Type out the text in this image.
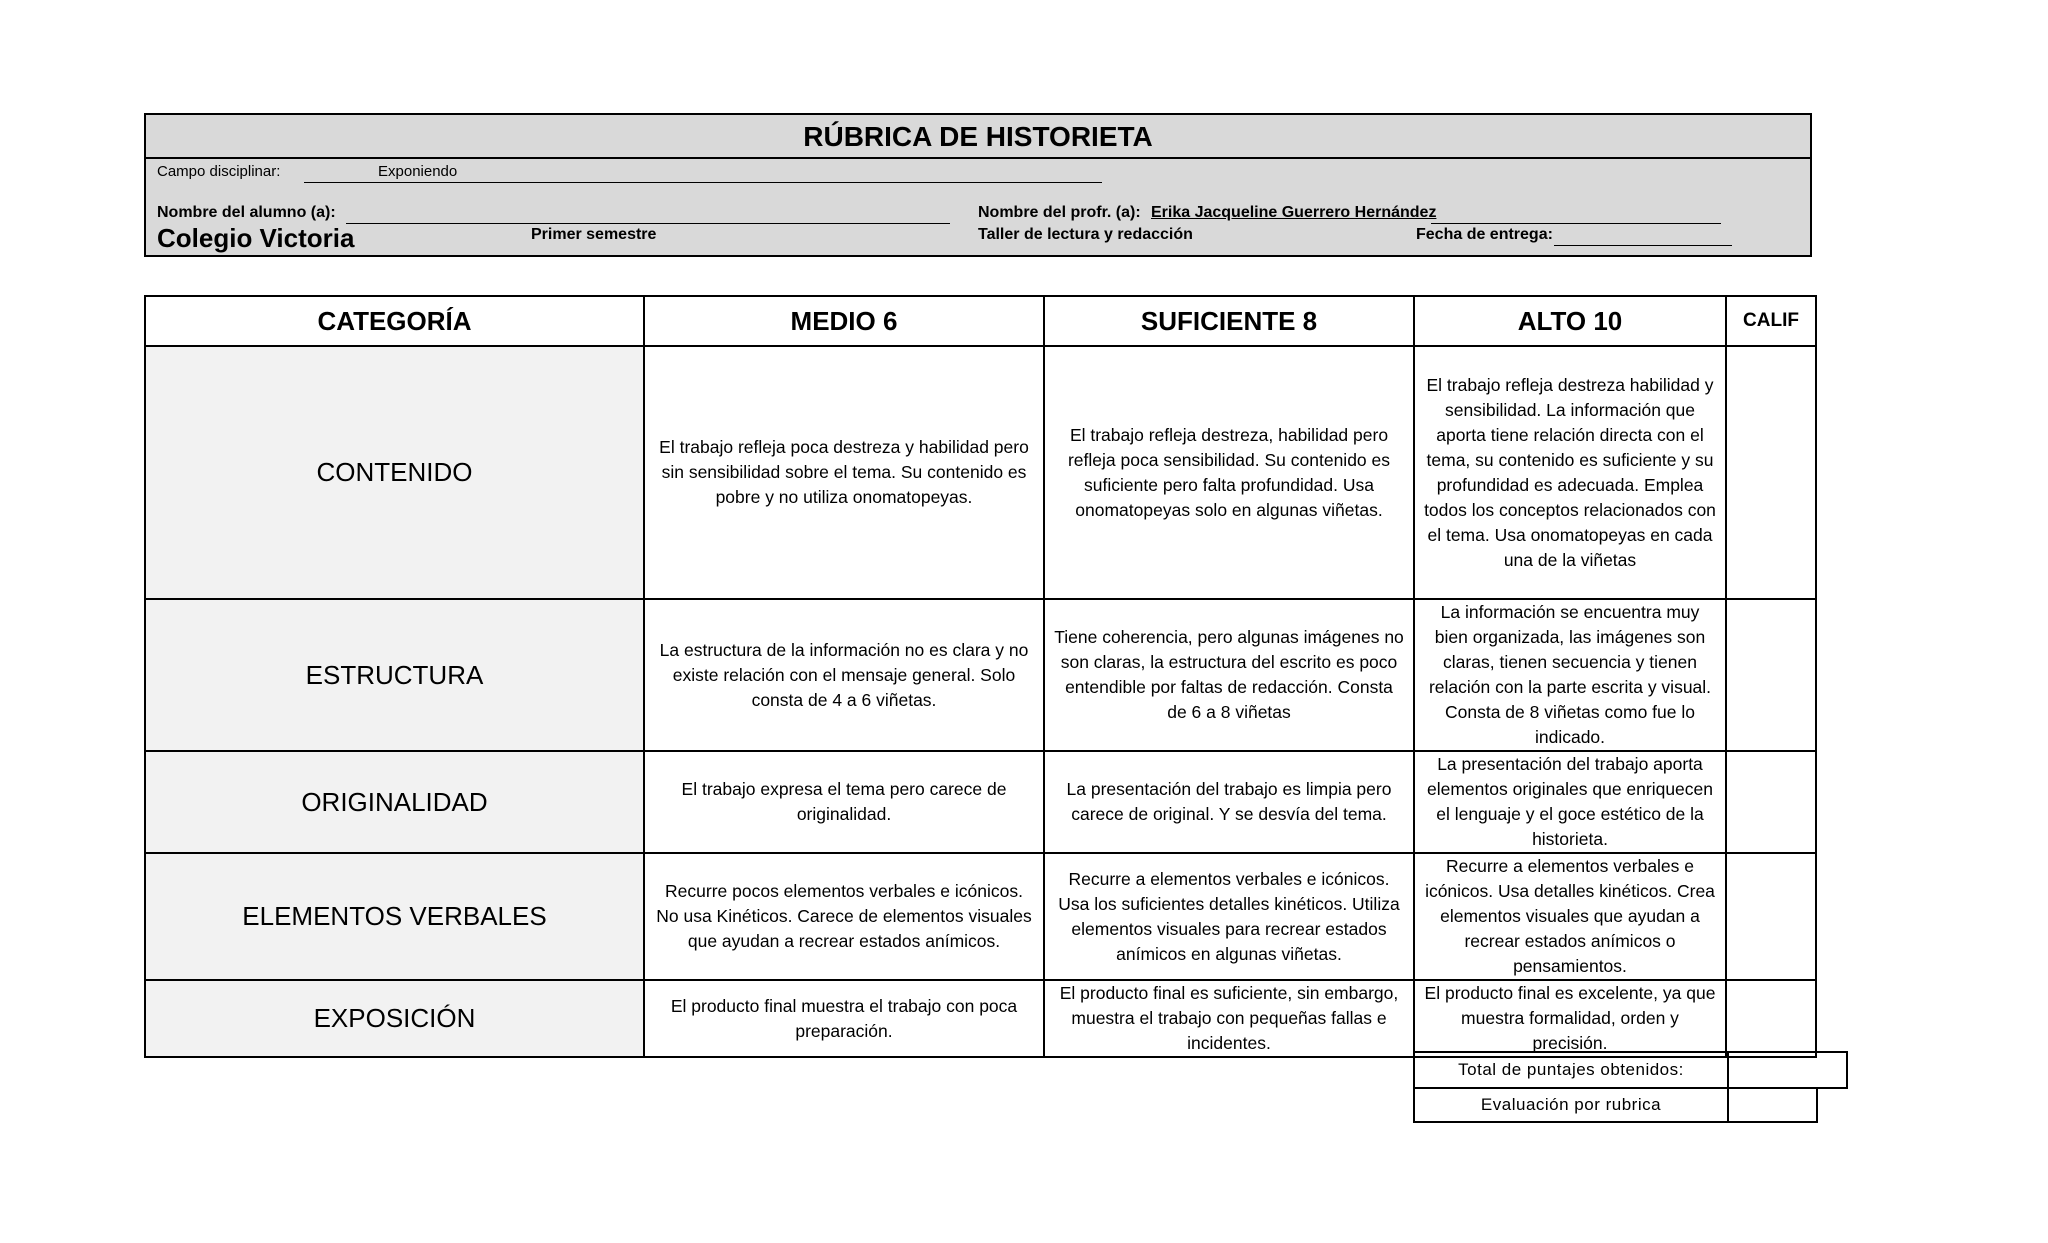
RÚBRICA DE HISTORIETA
Campo disciplinar:	Exponiendo
Nombre del alumno (a):	Nombre del profr. (a): Erika Jacqueline Guerrero Hernández
Colegio Victoria	Primer semestre	Taller de lectura y redacción	Fecha de entrega:
CATEGORÍA	MEDIO 6	SUFICIENTE 8	ALTO 10	CALIF
CONTENIDO	El trabajo refleja poca destreza y habilidad pero sin sensibilidad sobre el tema. Su contenido es pobre y no utiliza onomatopeyas.	El trabajo refleja destreza, habilidad pero refleja poca sensibilidad. Su contenido es suficiente pero falta profundidad. Usa onomatopeyas solo en algunas viñetas.	El trabajo refleja destreza habilidad y sensibilidad. La información que aporta tiene relación directa con el tema, su contenido es suficiente y su profundidad es adecuada. Emplea todos los conceptos relacionados con el tema. Usa onomatopeyas en cada una de la viñetas	
ESTRUCTURA	La estructura de la información no es clara y no existe relación con el mensaje general. Solo consta de 4 a 6 viñetas.	Tiene coherencia, pero algunas imágenes no son claras, la estructura del escrito es poco entendible por faltas de redacción. Consta de 6 a 8 viñetas	La información se encuentra muy bien organizada, las imágenes son claras, tienen secuencia y tienen relación con la parte escrita y visual. Consta de 8 viñetas como fue lo indicado.	
ORIGINALIDAD	El trabajo expresa el tema pero carece de originalidad.	La presentación del trabajo es limpia pero carece de original. Y se desvía del tema.	La presentación del trabajo aporta elementos originales que enriquecen el lenguaje y el goce estético de la historieta.	
ELEMENTOS VERBALES	Recurre pocos elementos verbales e icónicos. No usa Kinéticos. Carece de elementos visuales que ayudan a recrear estados anímicos.	Recurre a elementos verbales e icónicos. Usa los suficientes detalles kinéticos. Utiliza elementos visuales para recrear estados anímicos en algunas viñetas.	Recurre a elementos verbales e icónicos. Usa detalles kinéticos. Crea elementos visuales que ayudan a recrear estados anímicos o pensamientos.	
EXPOSICIÓN	El producto final muestra el trabajo con poca preparación.	El producto final es suficiente, sin embargo, muestra el trabajo con pequeñas fallas e incidentes.	El producto final es excelente, ya que muestra formalidad, orden y precisión.	
Total de puntajes obtenidos:
Evaluación por rubrica
